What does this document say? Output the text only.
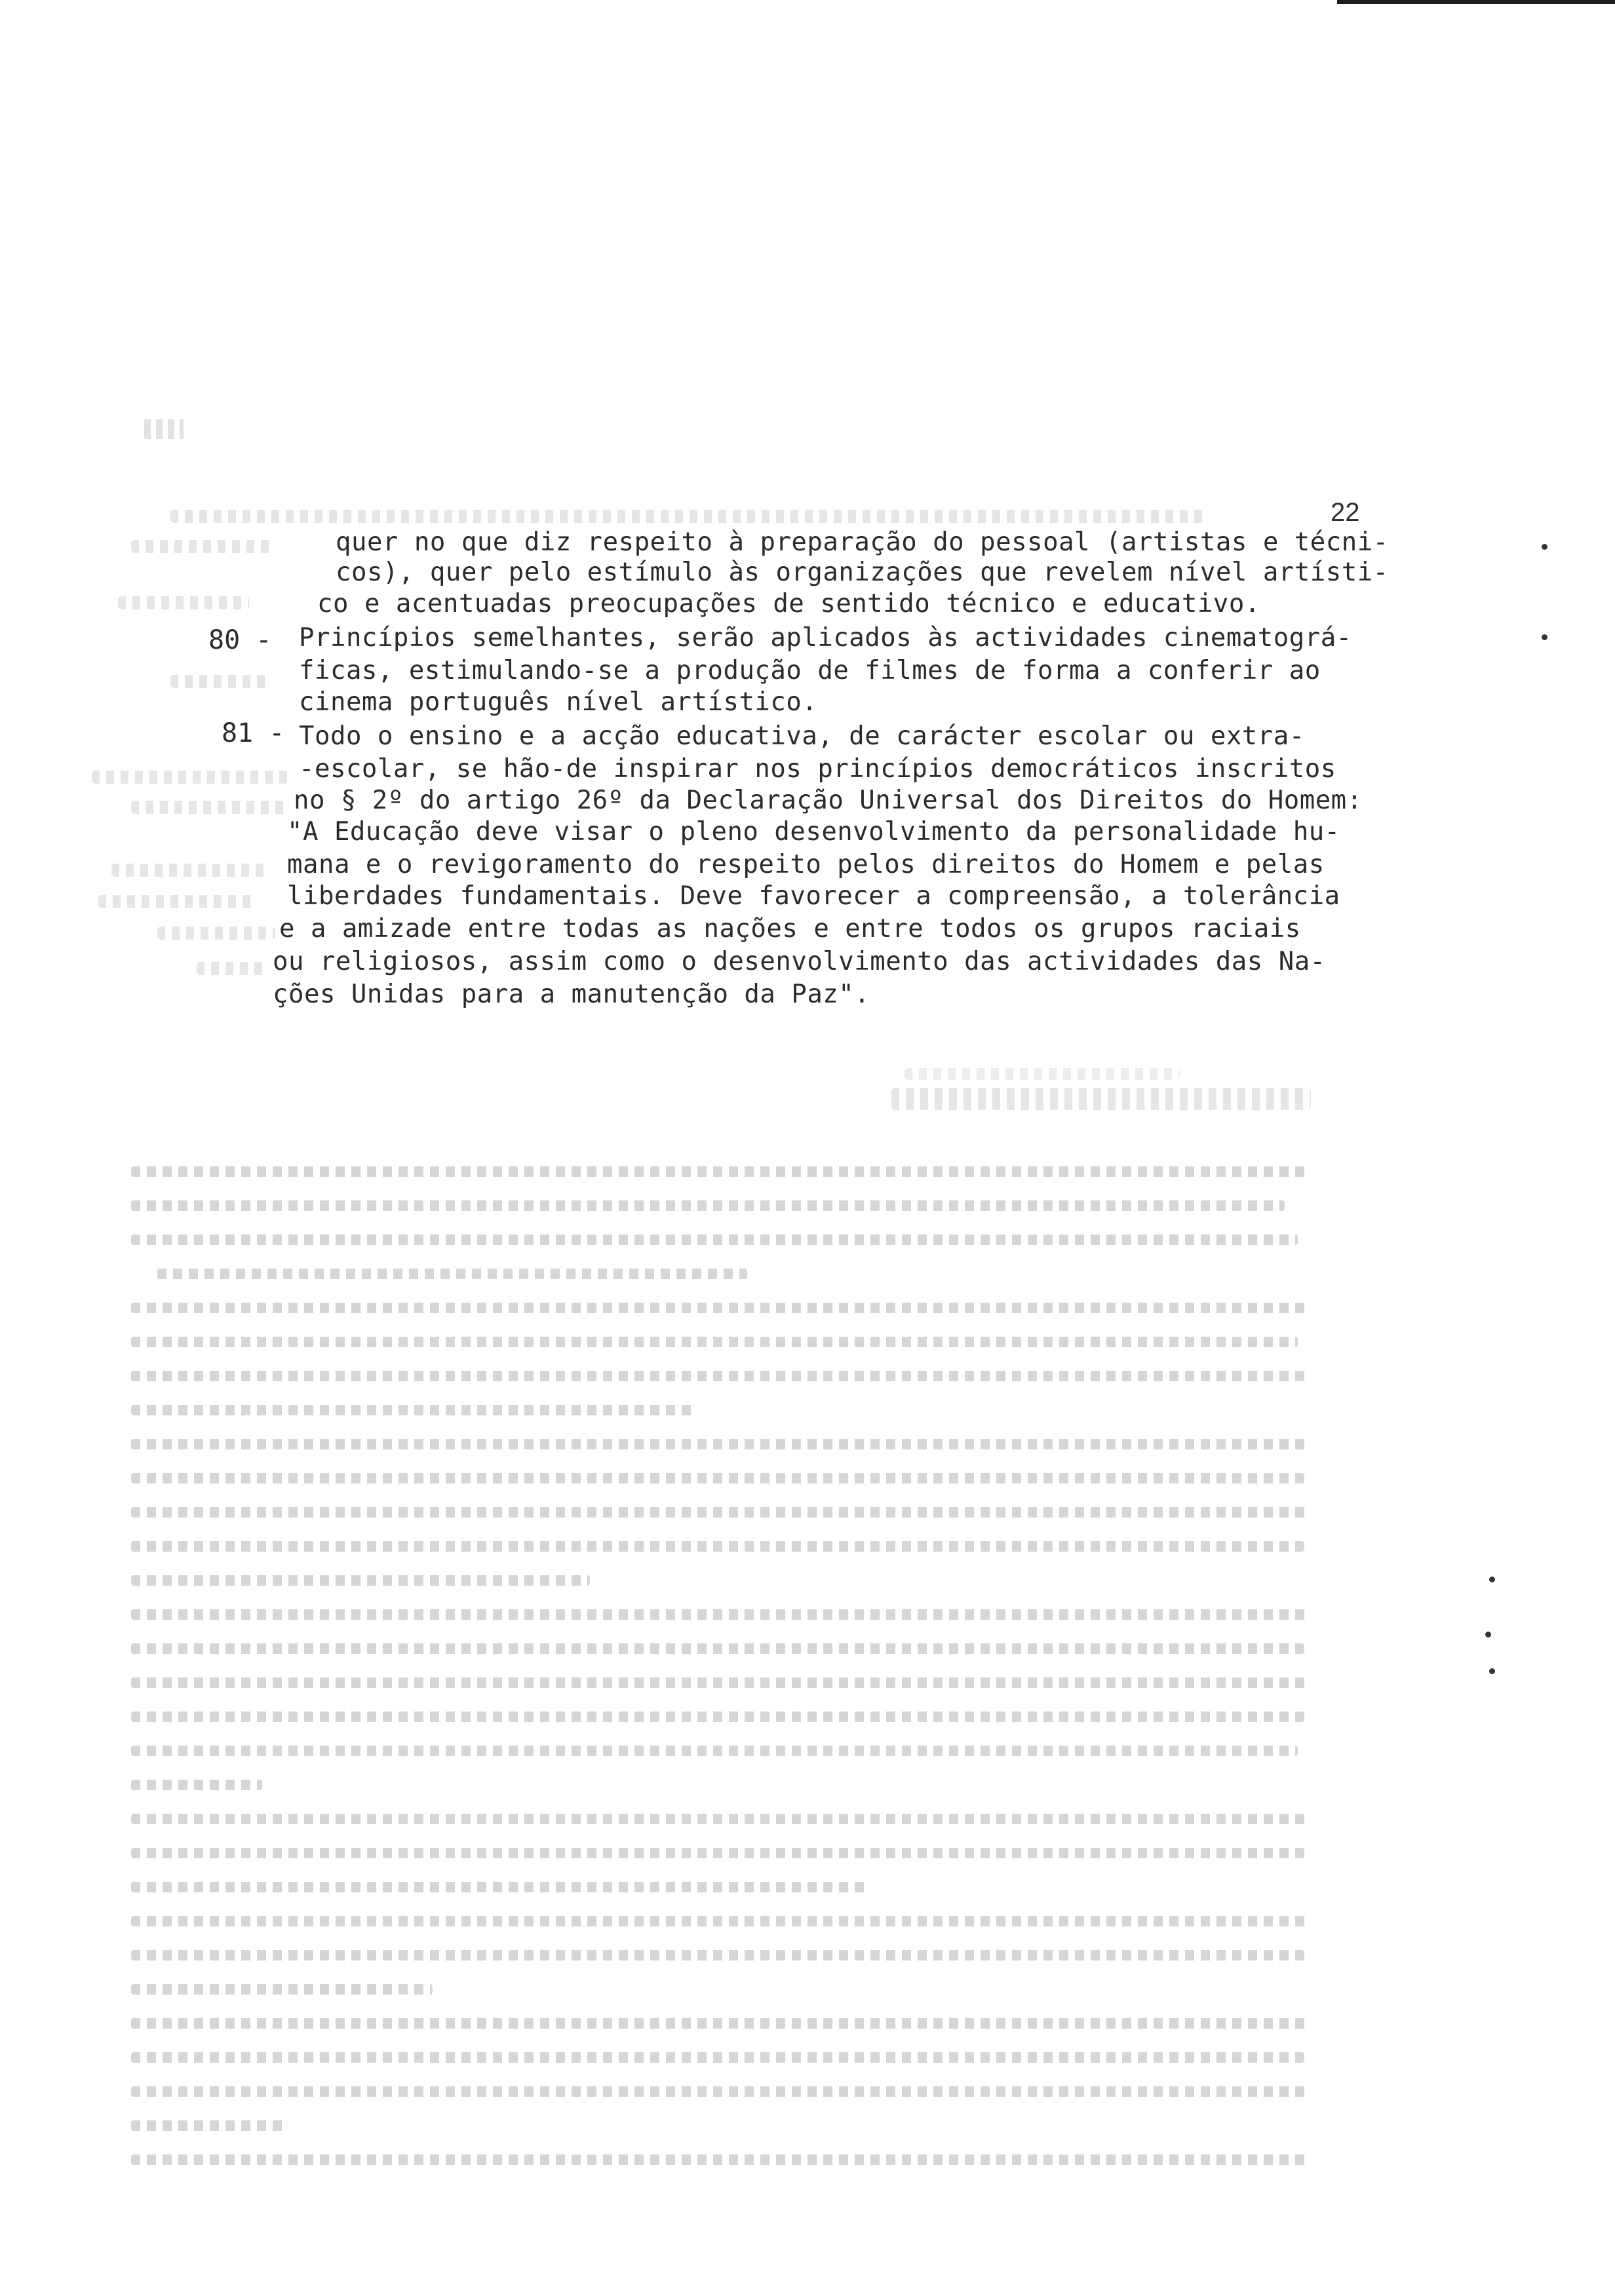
22
80 -
81 -
quer no que diz respeito à preparação do pessoal (artistas e técni-
cos), quer pelo estímulo às organizações que revelem nível artísti-
co e acentuadas preocupações de sentido técnico e educativo.
Princípios semelhantes, serão aplicados às actividades cinematográ-
ficas, estimulando-se a produção de filmes de forma a conferir ao
cinema português nível artístico.
Todo o ensino e a acção educativa, de carácter escolar ou extra-
-escolar, se hão-de inspirar nos princípios democráticos inscritos
no § 2º do artigo 26º da Declaração Universal dos Direitos do Homem:
"A Educação deve visar o pleno desenvolvimento da personalidade hu-
mana e o revigoramento do respeito pelos direitos do Homem e pelas
liberdades fundamentais. Deve favorecer a compreensão, a tolerância
e a amizade entre todas as nações e entre todos os grupos raciais
ou religiosos, assim como o desenvolvimento das actividades das Na-
ções Unidas para a manutenção da Paz".
